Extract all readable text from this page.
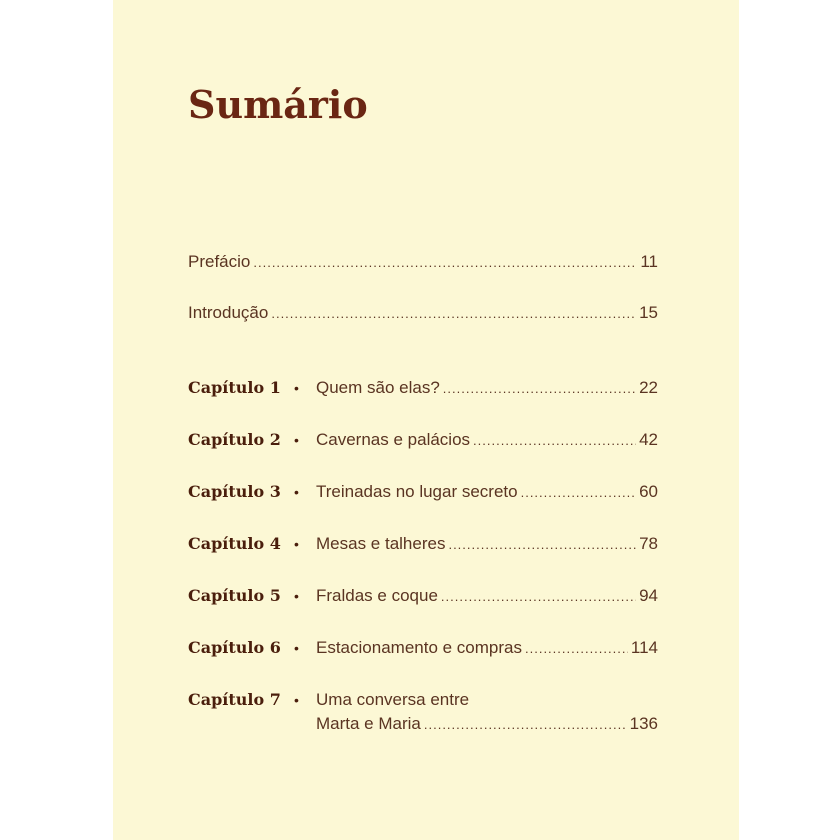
Sumário
Prefácio .....	11
Introdução .....	15
Capítulo 1 •	Quem são elas? .....	22
Capítulo 2 •	Cavernas e palácios .....	42
Capítulo 3 •	Treinadas no lugar secreto .....	60
Capítulo 4 •	Mesas e talheres .....	78
Capítulo 5 •	Fraldas e coque .....	94
Capítulo 6 •	Estacionamento e compras .....	114
Capítulo 7 •	Uma conversa entre
Marta e Maria .....	136
